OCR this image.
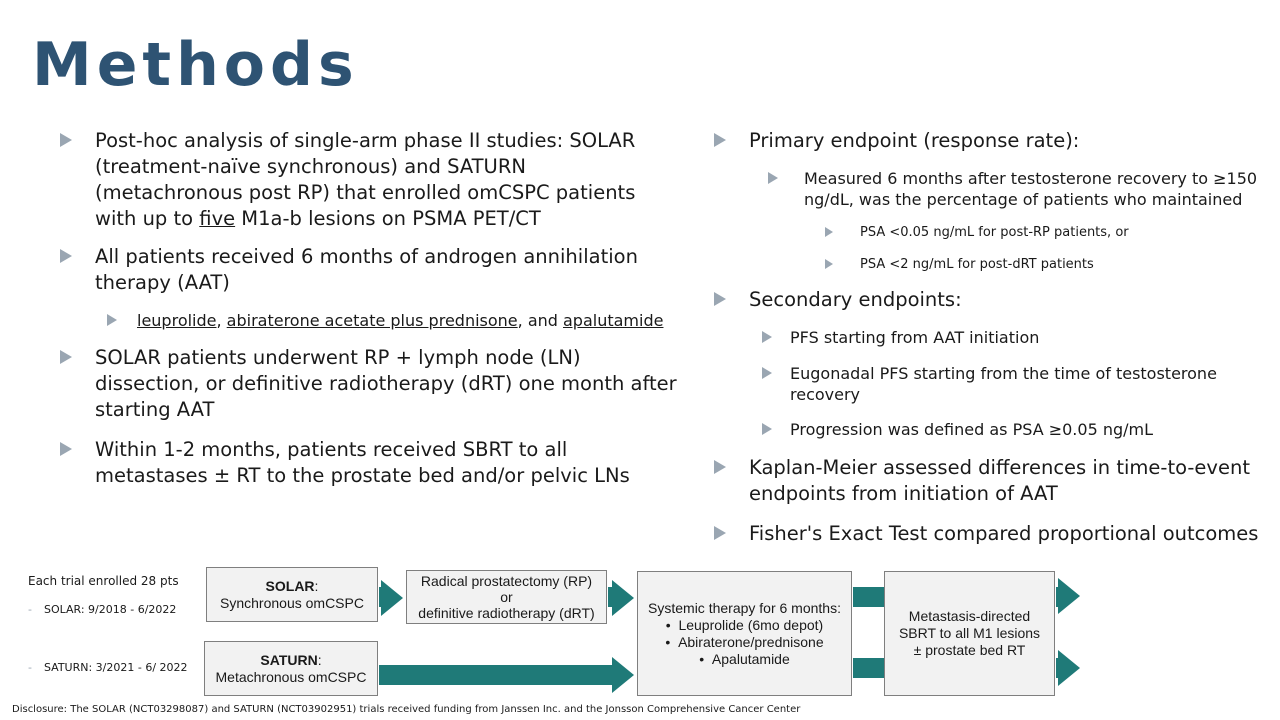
Methods
Post-hoc analysis of single-arm phase II studies: SOLAR
(treatment-naïve synchronous) and SATURN
(metachronous post RP) that enrolled omCSPC patients
with up to five M1a-b lesions on PSMA PET/CT
All patients received 6 months of androgen annihilation
therapy (AAT)
leuprolide, abiraterone acetate plus prednisone, and apalutamide
SOLAR patients underwent RP + lymph node (LN)
dissection, or definitive radiotherapy (dRT) one month after
starting AAT
Within 1-2 months, patients received SBRT to all
metastases ± RT to the prostate bed and/or pelvic LNs
Primary endpoint (response rate):
Measured 6 months after testosterone recovery to ≥150
ng/dL, was the percentage of patients who maintained
PSA <0.05 ng/mL for post-RP patients, or
PSA <2 ng/mL for post-dRT patients
Secondary endpoints:
PFS starting from AAT initiation
Eugonadal PFS starting from the time of testosterone
recovery
Progression was defined as PSA ≥0.05 ng/mL
Kaplan-Meier assessed differences in time-to-event
endpoints from initiation of AAT
Fisher's Exact Test compared proportional outcomes
Each trial enrolled 28 pts
- SOLAR: 9/2018 - 6/2022
- SATURN: 3/2021 - 6/ 2022
SOLAR:
Synchronous omCSPC
SATURN:
Metachronous omCSPC
Radical prostatectomy (RP)
or
definitive radiotherapy (dRT)	Systemic therapy for 6 months:
• Leuprolide (6mo depot)
• Abiraterone/prednisone
• Apalutamide
Metastasis-directed
SBRT to all M1 lesions
± prostate bed RT
Disclosure: The SOLAR (NCT03298087) and SATURN (NCT03902951) trials received funding from Janssen Inc. and the Jonsson Comprehensive Cancer Center
